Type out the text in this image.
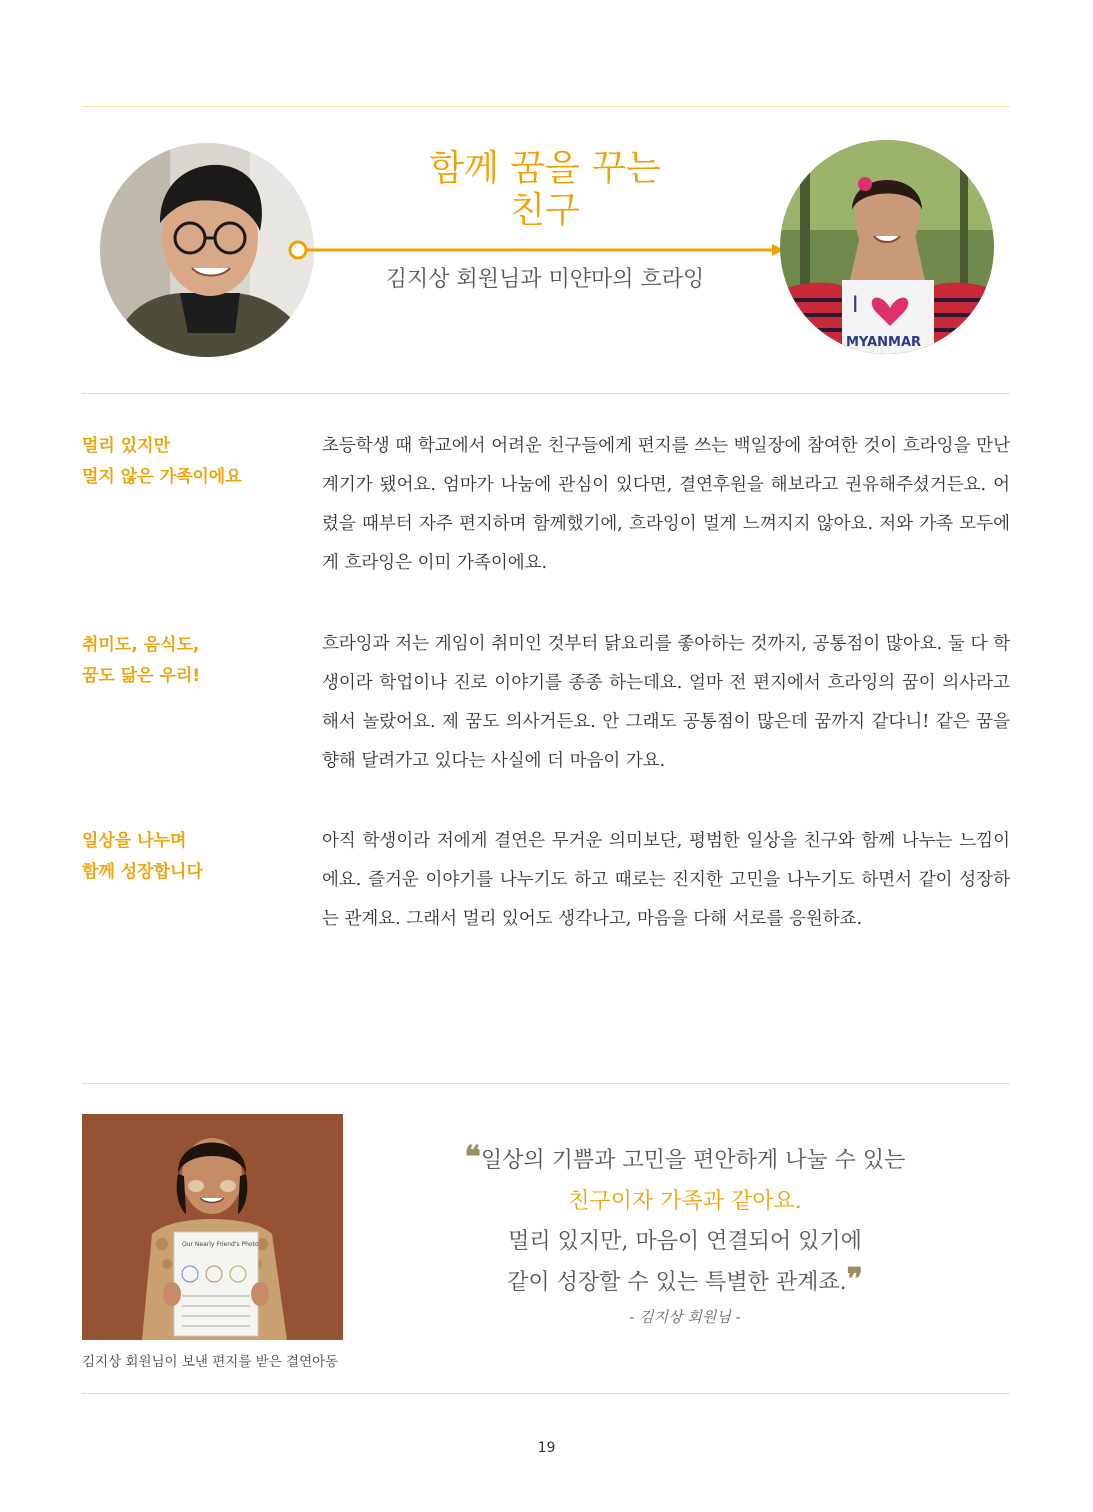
함께 꿈을 꾸는
친구
김지상 회원님과 미얀마의 흐라잉
I
MYANMAR
멀리 있지만
멀지 않은 가족이에요
초등학생 때 학교에서 어려운 친구들에게 편지를 쓰는 백일장에 참여한 것이 흐라잉을 만난 계기가 됐어요. 엄마가 나눔에 관심이 있다면, 결연후원을 해보라고 권유해주셨거든요. 어렸을 때부터 자주 편지하며 함께했기에, 흐라잉이 멀게 느껴지지 않아요. 저와 가족 모두에게 흐라잉은 이미 가족이에요.
취미도, 음식도,
꿈도 닮은 우리!
흐라잉과 저는 게임이 취미인 것부터 닭요리를 좋아하는 것까지, 공통점이 많아요. 둘 다 학생이라 학업이나 진로 이야기를 종종 하는데요. 얼마 전 편지에서 흐라잉의 꿈이 의사라고 해서 놀랐어요. 제 꿈도 의사거든요. 안 그래도 공통점이 많은데 꿈까지 같다니! 같은 꿈을 향해 달려가고 있다는 사실에 더 마음이 가요.
일상을 나누며
함께 성장합니다
아직 학생이라 저에게 결연은 무거운 의미보단, 평범한 일상을 친구와 함께 나누는 느낌이에요. 즐거운 이야기를 나누기도 하고 때로는 진지한 고민을 나누기도 하면서 같이 성장하는 관계요. 그래서 멀리 있어도 생각나고, 마음을 다해 서로를 응원하죠.
Our Nearly Friend's Photo
김지상 회원님이 보낸 편지를 받은 결연아동
❝일상의 기쁨과 고민을 편안하게 나눌 수 있는
친구이자 가족과 같아요.
멀리 있지만, 마음이 연결되어 있기에
같이 성장할 수 있는 특별한 관계죠.❞
- 김지상 회원님 -
19
